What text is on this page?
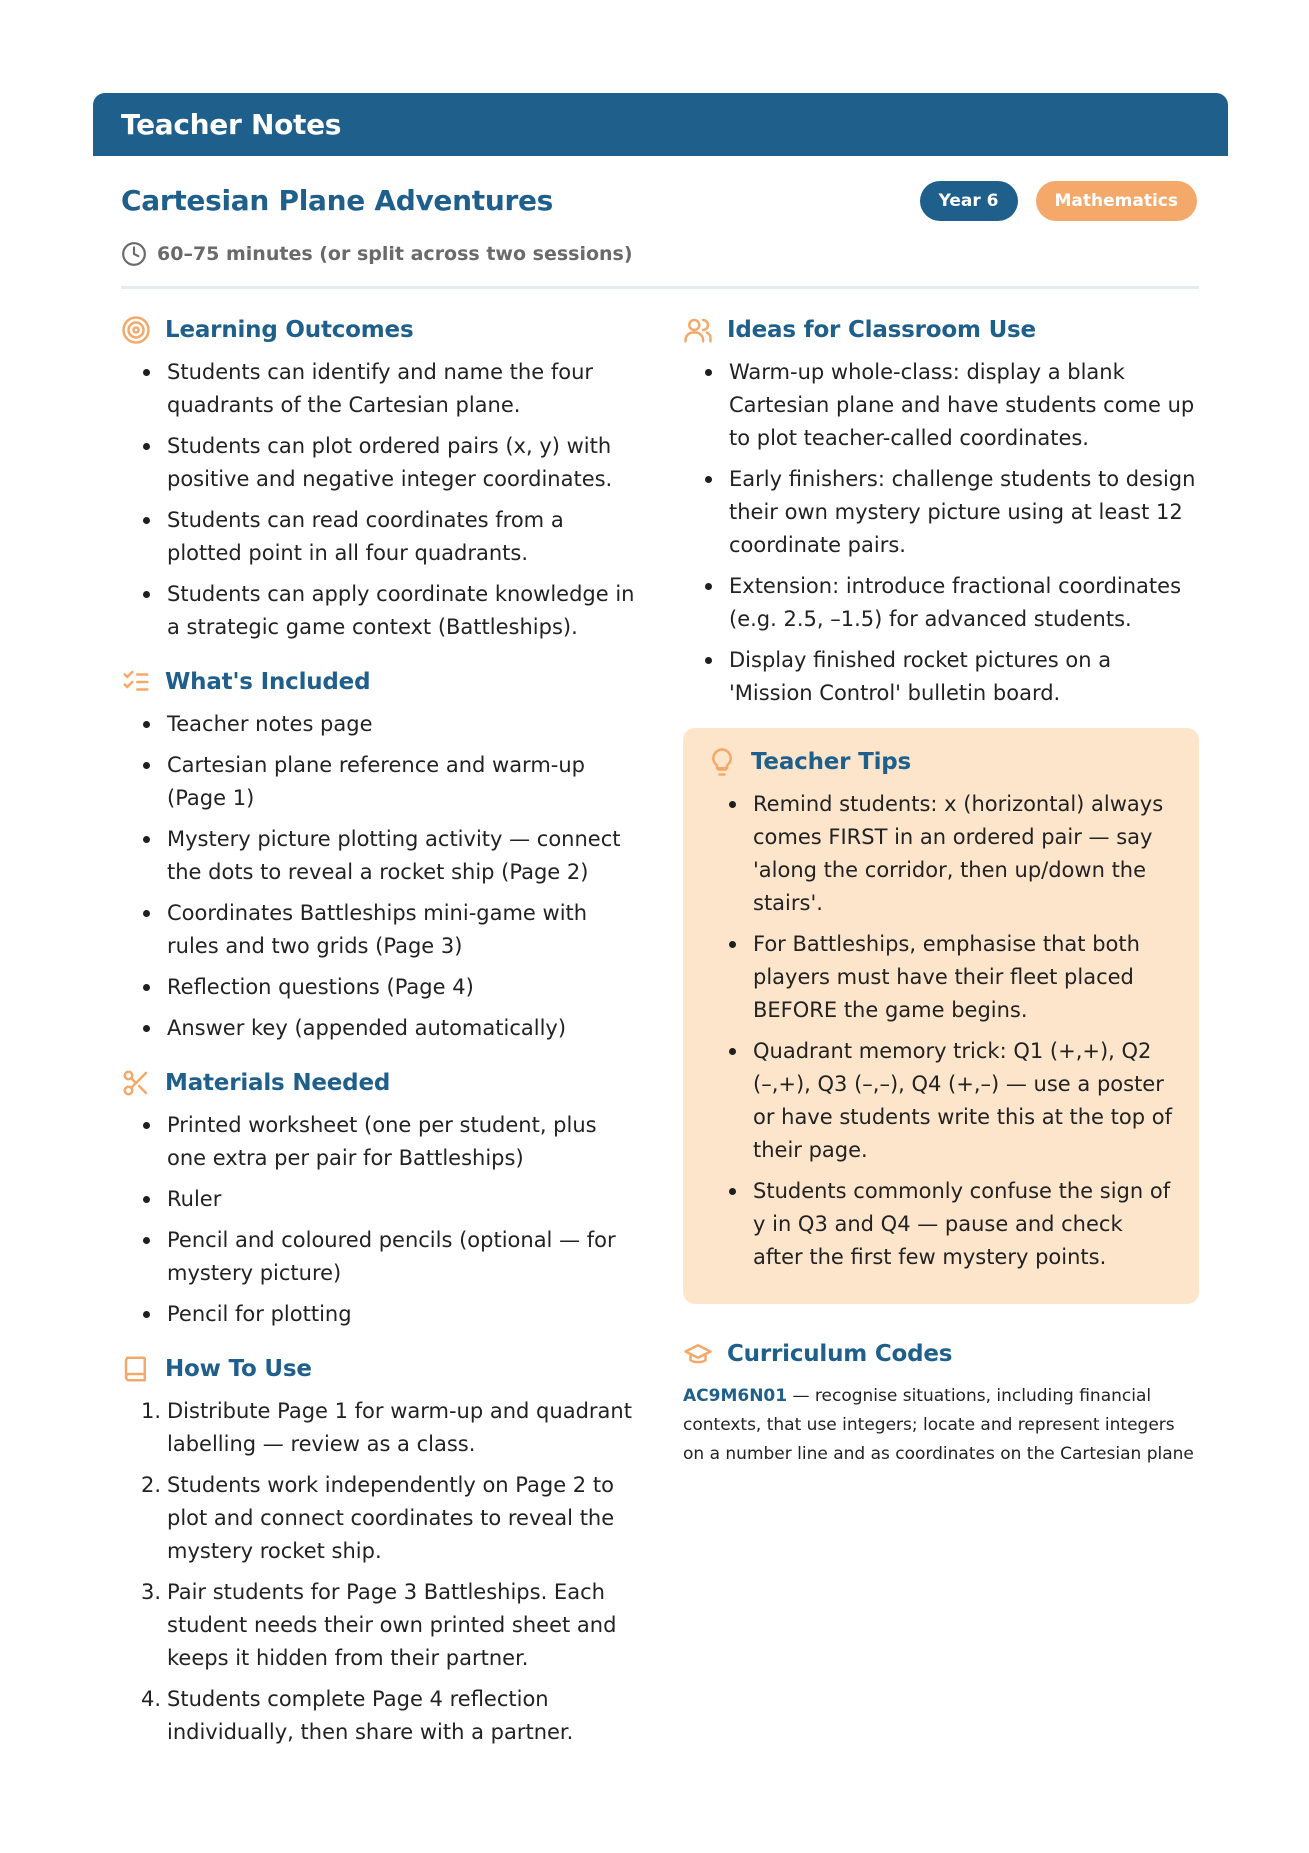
Teacher Notes
Cartesian Plane Adventures	Year 6	Mathematics
60–75 minutes (or split across two sessions)
Learning Outcomes
Students can identify and name the four quadrants of the Cartesian plane.
Students can plot ordered pairs (x, y) with positive and negative integer coordinates.
Students can read coordinates from a plotted point in all four quadrants.
Students can apply coordinate knowledge in a strategic game context (Battleships).
What's Included
Teacher notes page
Cartesian plane reference and warm-up (Page 1)
Mystery picture plotting activity — connect the dots to reveal a rocket ship (Page 2)
Coordinates Battleships mini-game with rules and two grids (Page 3)
Reflection questions (Page 4)
Answer key (appended automatically)
Materials Needed
Printed worksheet (one per student, plus one extra per pair for Battleships)
Ruler
Pencil and coloured pencils (optional — for mystery picture)
Pencil for plotting
How To Use
1. Distribute Page 1 for warm-up and quadrant labelling — review as a class.
2. Students work independently on Page 2 to plot and connect coordinates to reveal the mystery rocket ship.
3. Pair students for Page 3 Battleships. Each student needs their own printed sheet and keeps it hidden from their partner.
4. Students complete Page 4 reflection individually, then share with a partner.
Ideas for Classroom Use
Warm-up whole-class: display a blank Cartesian plane and have students come up to plot teacher-called coordinates.
Early finishers: challenge students to design their own mystery picture using at least 12 coordinate pairs.
Extension: introduce fractional coordinates (e.g. 2.5, –1.5) for advanced students.
Display finished rocket pictures on a 'Mission Control' bulletin board.
Teacher Tips
Remind students: x (horizontal) always comes FIRST in an ordered pair — say 'along the corridor, then up/down the stairs'.
For Battleships, emphasise that both players must have their fleet placed BEFORE the game begins.
Quadrant memory trick: Q1 (+,+), Q2 (–,+), Q3 (–,–), Q4 (+,–) — use a poster or have students write this at the top of their page.
Students commonly confuse the sign of y in Q3 and Q4 — pause and check after the first few mystery points.
Curriculum Codes

AC9M6N01 — recognise situations, including financial contexts, that use integers; locate and represent integers on a number line and as coordinates on the Cartesian plane
